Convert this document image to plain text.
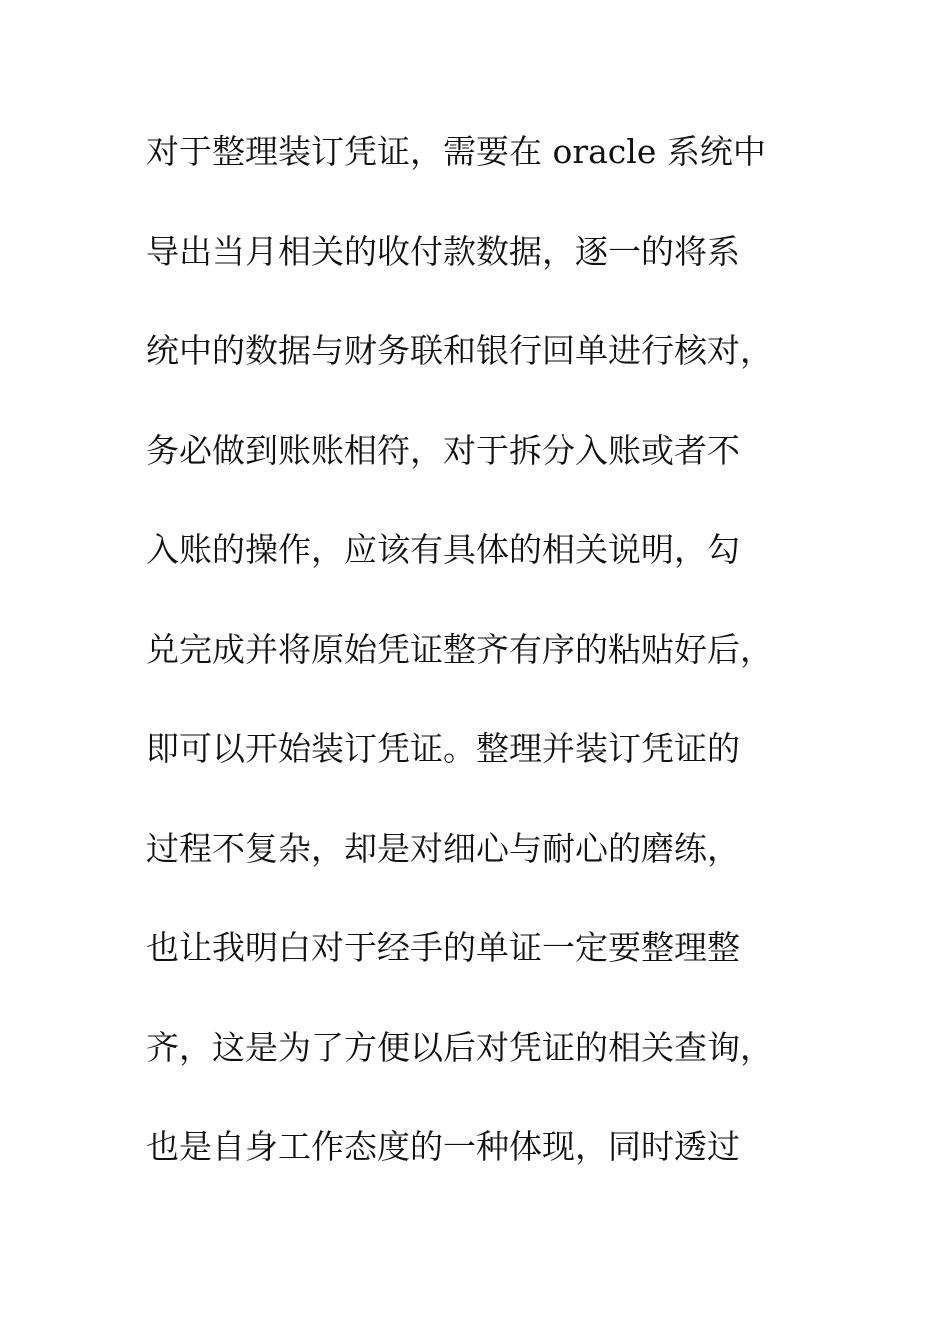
对于整理装订凭证，需要在 oracle 系统中
导出当月相关的收付款数据，逐一的将系
统中的数据与财务联和银行回单进行核对，
务必做到账账相符，对于拆分入账或者不
入账的操作，应该有具体的相关说明，勾
兑完成并将原始凭证整齐有序的粘贴好后，
即可以开始装订凭证。整理并装订凭证的
过程不复杂，却是对细心与耐心的磨练，
也让我明白对于经手的单证一定要整理整
齐，这是为了方便以后对凭证的相关查询，
也是自身工作态度的一种体现，同时透过
